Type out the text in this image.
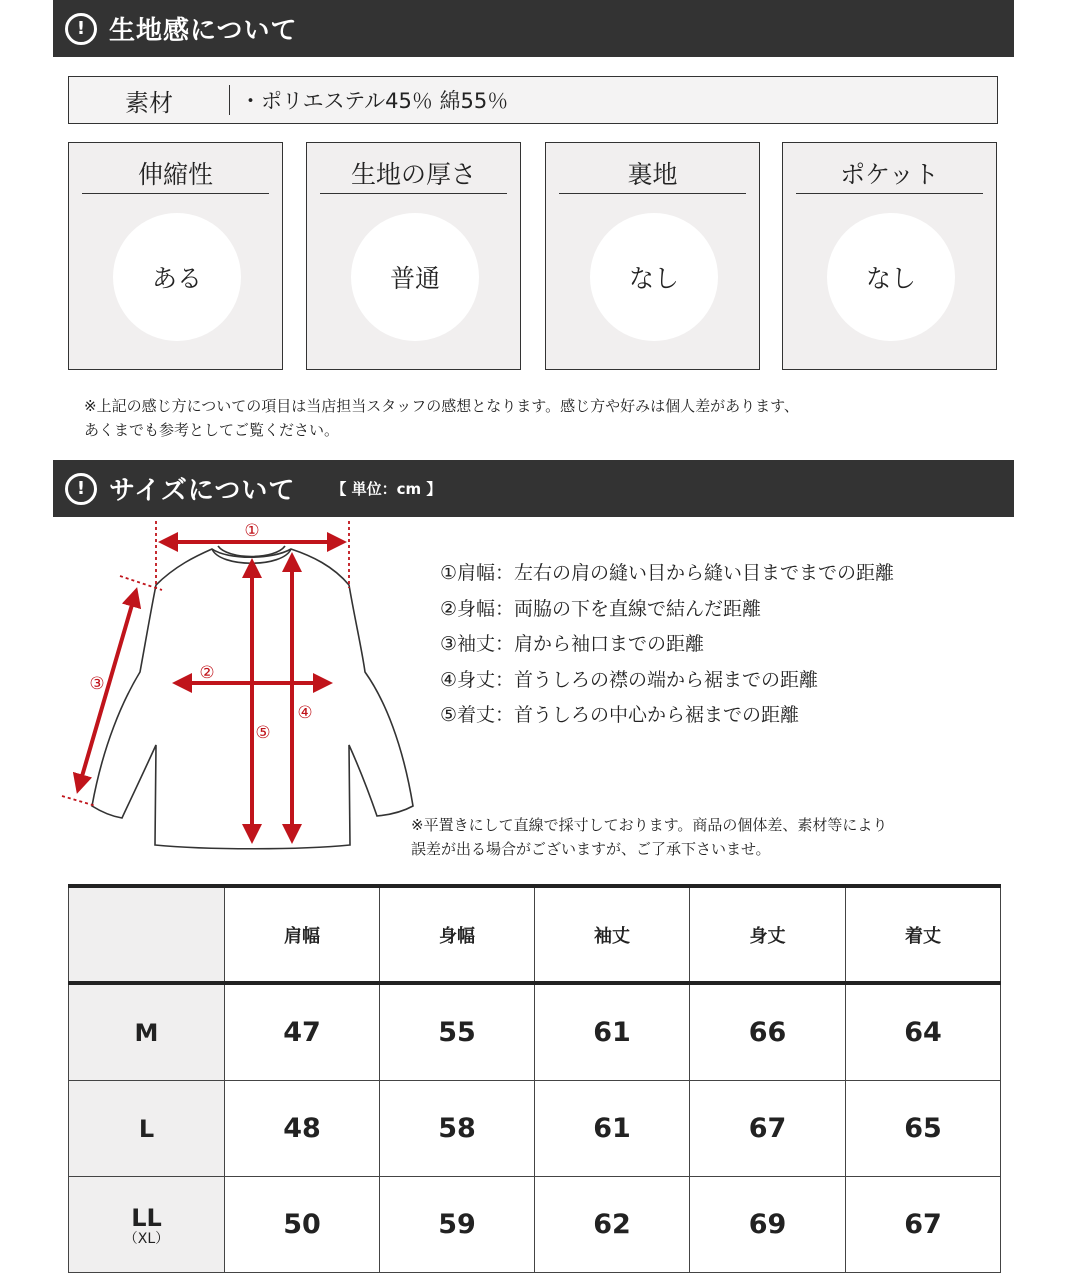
! 生地感について
素材	・ポリエステル45％ 綿55％
伸縮性
ある
生地の厚さ
普通
裏地
なし
ポケット
なし
※上記の感じ方についての項目は当店担当スタッフの感想となります。感じ方や好みは個人差があります、
あくまでも参考としてご覧ください。
! サイズについて 【 単位：cm 】
①
②
③
④
⑤
①肩幅：左右の肩の縫い目から縫い目までまでの距離
②身幅：両脇の下を直線で結んだ距離
③袖丈：肩から袖口までの距離
④身丈：首うしろの襟の端から裾までの距離
⑤着丈：首うしろの中心から裾までの距離
※平置きにして直線で採寸しております。商品の個体差、素材等により
誤差が出る場合がございますが、ご了承下さいませ。
	肩幅	身幅	袖丈	身丈	着丈
M	47	55	61	66	64
L	48	58	61	67	65

LL
（XL）	50	59	62	69	67
